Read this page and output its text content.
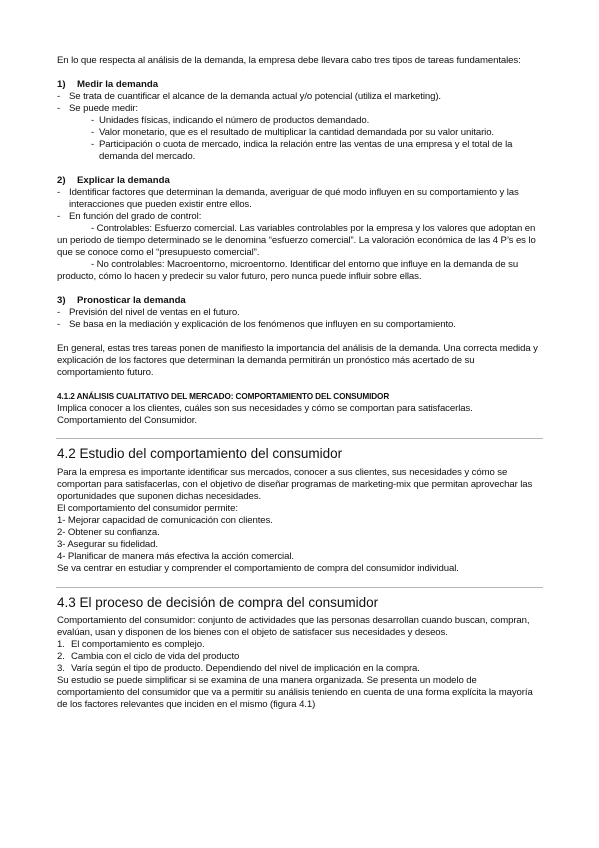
En lo que respecta al análisis de la demanda, la empresa debe llevara cabo tres tipos de tareas fundamentales:

1) Medir la demanda
- Se trata de cuantificar el alcance de la demanda actual y/o potencial (utiliza el marketing).
- Se puede medir:
- Unidades físicas, indicando el número de productos demandado.
- Valor monetario, que es el resultado de multiplicar la cantidad demandada por su valor unitario.
- Participación o cuota de mercado, indica la relación entre las ventas de una empresa y el total de la demanda del mercado.
2) Explicar la demanda
- Identificar factores que determinan la demanda, averiguar de qué modo influyen en su comportamiento y las interacciones que pueden existir entre ellos.
- En función del grado de control:

- Controlables: Esfuerzo comercial. Las variables controlables por la empresa y los valores que adoptan en un periodo de tiempo determinado se le denomina “esfuerzo comercial”. La valoración económica de las 4 P’s es lo que se conoce como el “presupuesto comercial”.

- No controlables: Macroentorno, microentorno. Identificar del entorno que influye en la demanda de su producto, cómo lo hacen y predecir su valor futuro, pero nunca puede influir sobre ellas.

3) Pronosticar la demanda
- Previsión del nivel de ventas en el futuro.
- Se basa en la mediación y explicación de los fenómenos que influyen en su comportamiento.

En general, estas tres tareas ponen de manifiesto la importancia del análisis de la demanda. Una correcta medida y explicación de los factores que determinan la demanda permitirán un pronóstico más acertado de su comportamiento futuro.

4.1.2 ANÁLISIS CUALITATIVO DEL MERCADO: COMPORTAMIENTO DEL CONSUMIDOR

Implica conocer a los clientes, cuáles son sus necesidades y cómo se comportan para satisfacerlas.

Comportamiento del Consumidor.

4.2 Estudio del comportamiento del consumidor

Para la empresa es importante identificar sus mercados, conocer a sus clientes, sus necesidades y cómo se comportan para satisfacerlas, con el objetivo de diseñar programas de marketing-mix que permitan aprovechar las oportunidades que suponen dichas necesidades.

El comportamiento del consumidor permite:

1- Mejorar capacidad de comunicación con clientes.

2- Obtener su confianza.

3- Asegurar su fidelidad.

4- Planificar de manera más efectiva la acción comercial.

Se va centrar en estudiar y comprender el comportamiento de compra del consumidor individual.

4.3 El proceso de decisión de compra del consumidor

Comportamiento del consumidor: conjunto de actividades que las personas desarrollan cuando buscan, compran, evalúan, usan y disponen de los bienes con el objeto de satisfacer sus necesidades y deseos.

1. El comportamiento es complejo.
2. Cambia con el ciclo de vida del producto
3. Varía según el tipo de producto. Dependiendo del nivel de implicación en la compra.

Su estudio se puede simplificar si se examina de una manera organizada. Se presenta un modelo de comportamiento del consumidor que va a permitir su análisis teniendo en cuenta de una forma explícita la mayoría de los factores relevantes que inciden en el mismo (figura 4.1)
